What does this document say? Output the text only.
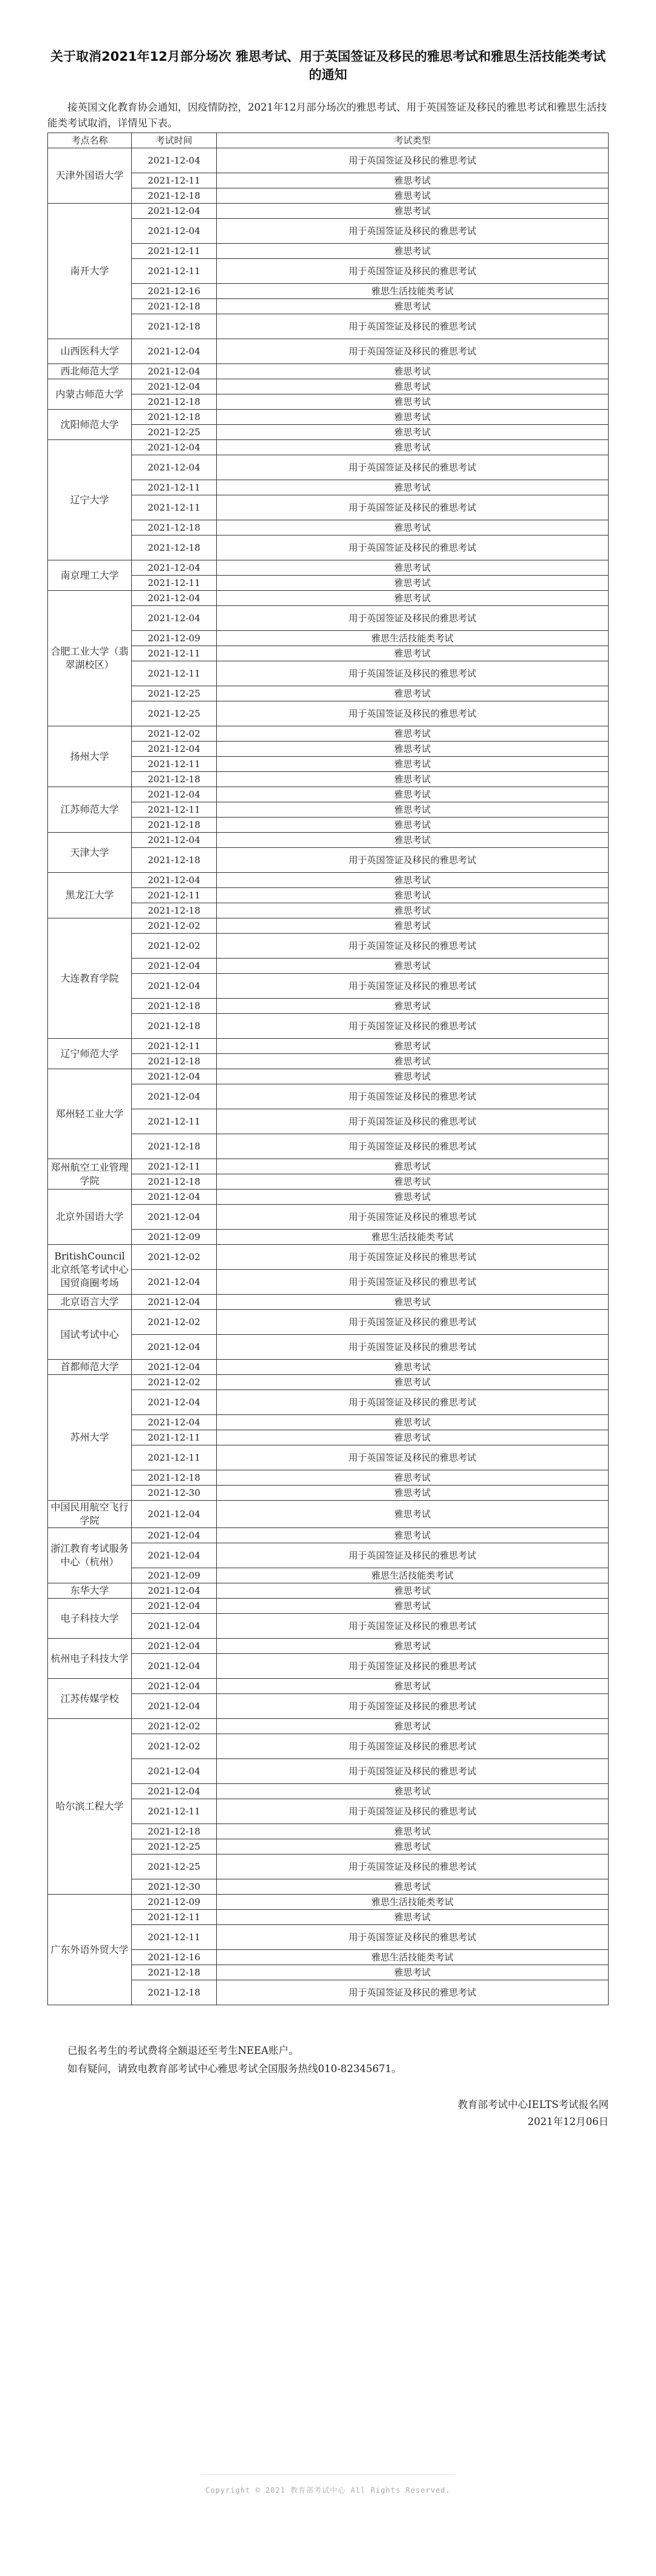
关于取消2021年12月部分场次 雅思考试、用于英国签证及移民的雅思考试和雅思生活技能类考试的通知

接英国文化教育协会通知，因疫情防控，2021年12月部分场次的雅思考试、用于英国签证及移民的雅思考试和雅思生活技能类考试取消，详情见下表。

考点名称	考试时间	考试类型
天津外国语大学	2021-12-04	用于英国签证及移民的雅思考试
	2021-12-11	雅思考试
	2021-12-18	雅思考试
南开大学	2021-12-04	雅思考试
	2021-12-04	用于英国签证及移民的雅思考试
	2021-12-11	雅思考试
	2021-12-11	用于英国签证及移民的雅思考试
	2021-12-16	雅思生活技能类考试
	2021-12-18	雅思考试
	2021-12-18	用于英国签证及移民的雅思考试
山西医科大学	2021-12-04	用于英国签证及移民的雅思考试
西北师范大学	2021-12-04	雅思考试
内蒙古师范大学	2021-12-04	雅思考试
	2021-12-18	雅思考试
沈阳师范大学	2021-12-18	雅思考试
	2021-12-25	雅思考试
辽宁大学	2021-12-04	雅思考试
	2021-12-04	用于英国签证及移民的雅思考试
	2021-12-11	雅思考试
	2021-12-11	用于英国签证及移民的雅思考试
	2021-12-18	雅思考试
	2021-12-18	用于英国签证及移民的雅思考试
南京理工大学	2021-12-04	雅思考试
	2021-12-11	雅思考试
合肥工业大学（翡翠湖校区）	2021-12-04	雅思考试
	2021-12-04	用于英国签证及移民的雅思考试
	2021-12-09	雅思生活技能类考试
	2021-12-11	雅思考试
	2021-12-11	用于英国签证及移民的雅思考试
	2021-12-25	雅思考试
	2021-12-25	用于英国签证及移民的雅思考试
扬州大学	2021-12-02	雅思考试
	2021-12-04	雅思考试
	2021-12-11	雅思考试
	2021-12-18	雅思考试
江苏师范大学	2021-12-04	雅思考试
	2021-12-11	雅思考试
	2021-12-18	雅思考试
天津大学	2021-12-04	雅思考试
	2021-12-18	用于英国签证及移民的雅思考试
黑龙江大学	2021-12-04	雅思考试
	2021-12-11	雅思考试
	2021-12-18	雅思考试
大连教育学院	2021-12-02	雅思考试
	2021-12-02	用于英国签证及移民的雅思考试
	2021-12-04	雅思考试
	2021-12-04	用于英国签证及移民的雅思考试
	2021-12-18	雅思考试
	2021-12-18	用于英国签证及移民的雅思考试
辽宁师范大学	2021-12-11	雅思考试
	2021-12-18	雅思考试
郑州轻工业大学	2021-12-04	雅思考试
	2021-12-04	用于英国签证及移民的雅思考试
	2021-12-11	用于英国签证及移民的雅思考试
	2021-12-18	用于英国签证及移民的雅思考试
郑州航空工业管理学院	2021-12-11	雅思考试
	2021-12-18	雅思考试
北京外国语大学	2021-12-04	雅思考试
	2021-12-04	用于英国签证及移民的雅思考试
	2021-12-09	雅思生活技能类考试
BritishCouncil北京纸笔考试中心国贸商圈考场	2021-12-02	用于英国签证及移民的雅思考试
	2021-12-04	用于英国签证及移民的雅思考试
北京语言大学	2021-12-04	雅思考试
国试考试中心	2021-12-02	用于英国签证及移民的雅思考试
	2021-12-04	用于英国签证及移民的雅思考试
首都师范大学	2021-12-04	雅思考试
苏州大学	2021-12-02	雅思考试
	2021-12-04	用于英国签证及移民的雅思考试
	2021-12-04	雅思考试
	2021-12-11	雅思考试
	2021-12-11	用于英国签证及移民的雅思考试
	2021-12-18	雅思考试
	2021-12-30	雅思考试
中国民用航空飞行学院	2021-12-04	雅思考试
浙江教育考试服务中心（杭州）	2021-12-04	雅思考试
	2021-12-04	用于英国签证及移民的雅思考试
	2021-12-09	雅思生活技能类考试
东华大学	2021-12-04	雅思考试
电子科技大学	2021-12-04	雅思考试
	2021-12-04	用于英国签证及移民的雅思考试
杭州电子科技大学	2021-12-04	雅思考试
	2021-12-04	用于英国签证及移民的雅思考试
江苏传媒学校	2021-12-04	雅思考试
	2021-12-04	用于英国签证及移民的雅思考试
哈尔滨工程大学	2021-12-02	雅思考试
	2021-12-02	用于英国签证及移民的雅思考试
	2021-12-04	用于英国签证及移民的雅思考试
	2021-12-04	雅思考试
	2021-12-11	用于英国签证及移民的雅思考试
	2021-12-18	雅思考试
	2021-12-25	雅思考试
	2021-12-25	用于英国签证及移民的雅思考试
	2021-12-30	雅思考试
广东外语外贸大学	2021-12-09	雅思生活技能类考试
	2021-12-11	雅思考试
	2021-12-11	用于英国签证及移民的雅思考试
	2021-12-16	雅思生活技能类考试
	2021-12-18	雅思考试
	2021-12-18	用于英国签证及移民的雅思考试

已报名考生的考试费将全额退还至考生NEEA账户。

如有疑问，请致电教育部考试中心雅思考试全国服务热线010-82345671。

教育部考试中心IELTS考试报名网
2021年12月06日
Copyright © 2021 教育部考试中心 All Rights Reserved.
